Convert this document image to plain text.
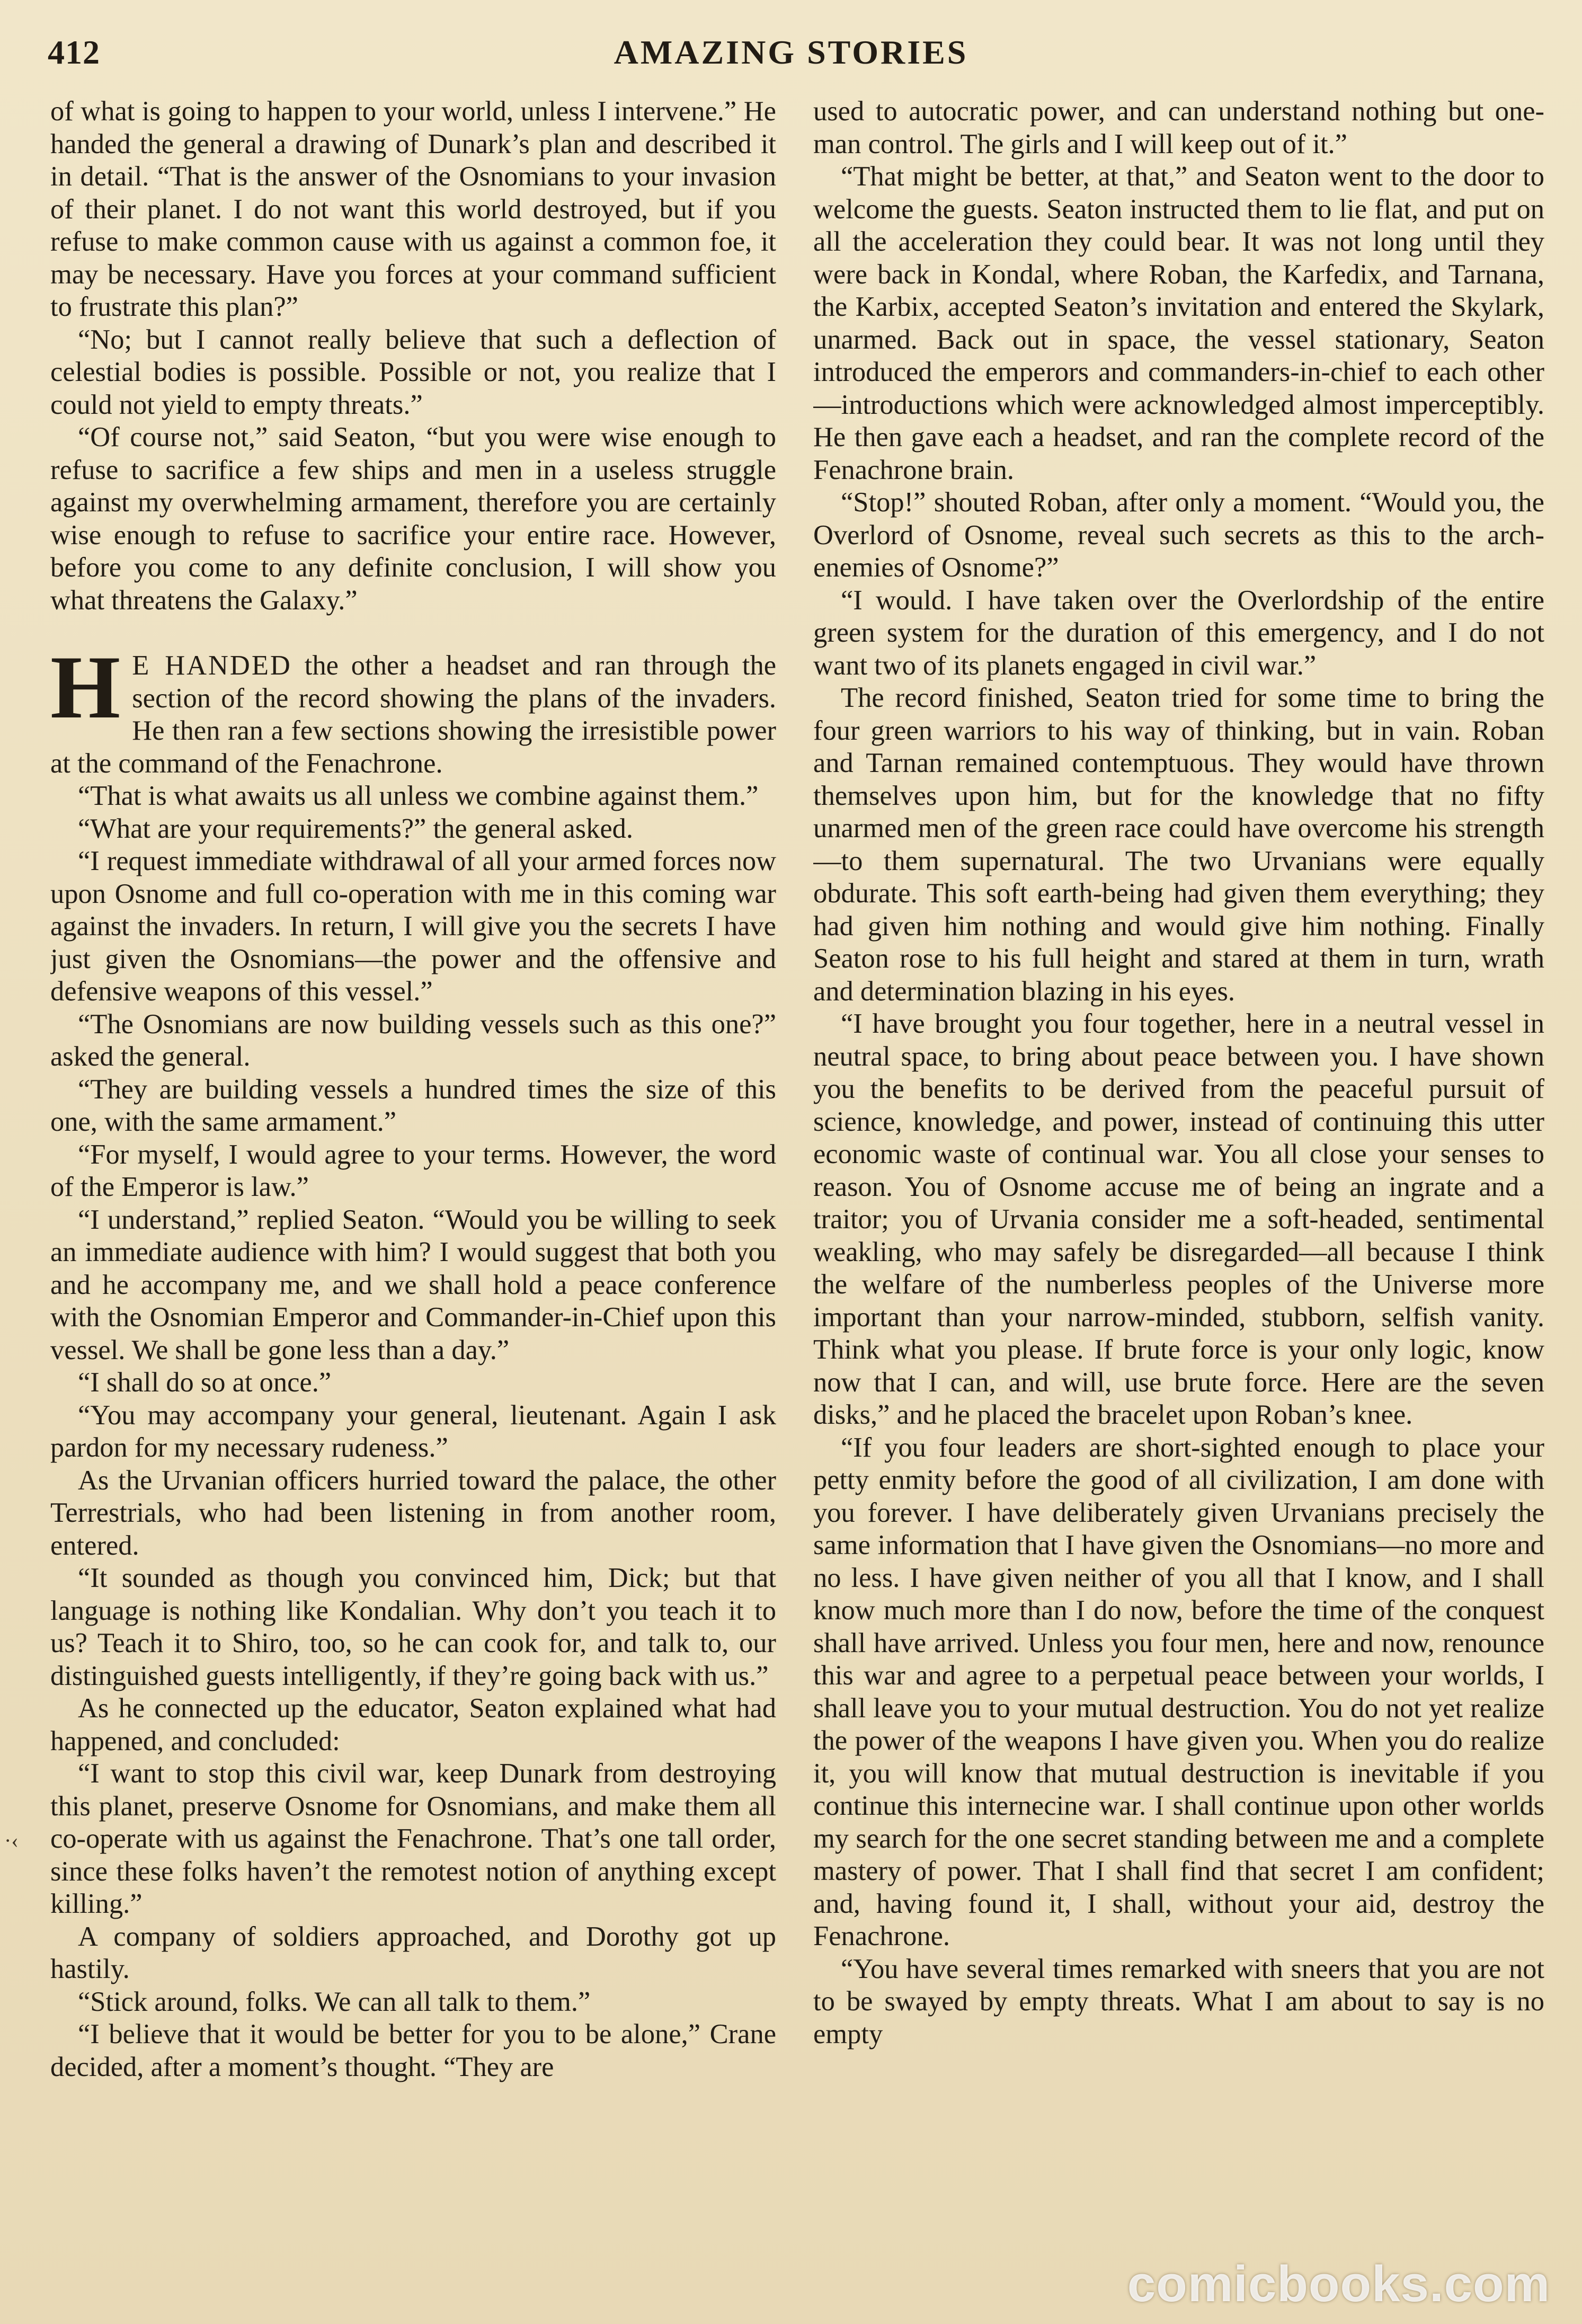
412	AMAZING STORIES
·‹

of what is going to happen to your world, unless I intervene.” He handed the general a drawing of Dunark’s plan and described it in detail. “That is the answer of the Osnomians to your invasion of their planet. I do not want this world destroyed, but if you refuse to make common cause with us against a common foe, it may be necessary. Have you forces at your command sufficient to frustrate this plan?”

“No; but I cannot really believe that such a deflection of celestial bodies is possible. Possible or not, you realize that I could not yield to empty threats.”

“Of course not,” said Seaton, “but you were wise enough to refuse to sacrifice a few ships and men in a useless struggle against my overwhelming armament, therefore you are certainly wise enough to refuse to sacrifice your entire race. However, before you come to any definite conclusion, I will show you what threatens the Galaxy.”

H E HANDED the other a headset and ran through the section of the record showing the plans of the invaders. He then ran a few sections showing the irresistible power at the command of the Fenachrone.

“That is what awaits us all unless we combine against them.”

“What are your requirements?” the general asked.

“I request immediate withdrawal of all your armed forces now upon Osnome and full co-operation with me in this coming war against the invaders. In return, I will give you the secrets I have just given the Osnomians—the power and the offensive and defensive weapons of this vessel.”

“The Osnomians are now building vessels such as this one?” asked the general.

“They are building vessels a hundred times the size of this one, with the same armament.”

“For myself, I would agree to your terms. However, the word of the Emperor is law.”

“I understand,” replied Seaton. “Would you be willing to seek an immediate audience with him? I would suggest that both you and he accompany me, and we shall hold a peace conference with the Osnomian Emperor and Commander-in-Chief upon this vessel. We shall be gone less than a day.”

“I shall do so at once.”

“You may accompany your general, lieutenant. Again I ask pardon for my necessary rudeness.”

As the Urvanian officers hurried toward the palace, the other Terrestrials, who had been listening in from another room, entered.

“It sounded as though you convinced him, Dick; but that language is nothing like Kondalian. Why don’t you teach it to us? Teach it to Shiro, too, so he can cook for, and talk to, our distinguished guests intelligently, if they’re going back with us.”

As he connected up the educator, Seaton explained what had happened, and concluded:

“I want to stop this civil war, keep Dunark from destroying this planet, preserve Osnome for Osnomians, and make them all co-operate with us against the Fenachrone. That’s one tall order, since these folks haven’t the remotest notion of anything except killing.”

A company of soldiers approached, and Dorothy got up hastily.

“Stick around, folks. We can all talk to them.”

“I believe that it would be better for you to be alone,” Crane decided, after a moment’s thought. “They are

used to autocratic power, and can understand nothing but one-man control. The girls and I will keep out of it.”

“That might be better, at that,” and Seaton went to the door to welcome the guests. Seaton instructed them to lie flat, and put on all the acceleration they could bear. It was not long until they were back in Kondal, where Roban, the Karfedix, and Tarnana, the Karbix, accepted Seaton’s invitation and entered the Skylark, unarmed. Back out in space, the vessel stationary, Seaton introduced the emperors and commanders-in-chief to each other—introductions which were acknowledged almost imperceptibly. He then gave each a headset, and ran the complete record of the Fenachrone brain.

“Stop!” shouted Roban, after only a moment. “Would you, the Overlord of Osnome, reveal such secrets as this to the arch-enemies of Osnome?”

“I would. I have taken over the Overlordship of the entire green system for the duration of this emergency, and I do not want two of its planets engaged in civil war.”

The record finished, Seaton tried for some time to bring the four green warriors to his way of thinking, but in vain. Roban and Tarnan remained contemptuous. They would have thrown themselves upon him, but for the knowledge that no fifty unarmed men of the green race could have overcome his strength—to them supernatural. The two Urvanians were equally obdurate. This soft earth-being had given them everything; they had given him nothing and would give him nothing. Finally Seaton rose to his full height and stared at them in turn, wrath and determination blazing in his eyes.

“I have brought you four together, here in a neutral vessel in neutral space, to bring about peace between you. I have shown you the benefits to be derived from the peaceful pursuit of science, knowledge, and power, instead of continuing this utter economic waste of continual war. You all close your senses to reason. You of Osnome accuse me of being an ingrate and a traitor; you of Urvania consider me a soft-headed, sentimental weakling, who may safely be disregarded—all because I think the welfare of the numberless peoples of the Universe more important than your narrow-minded, stubborn, selfish vanity. Think what you please. If brute force is your only logic, know now that I can, and will, use brute force. Here are the seven disks,” and he placed the bracelet upon Roban’s knee.

“If you four leaders are short-sighted enough to place your petty enmity before the good of all civilization, I am done with you forever. I have deliberately given Urvanians precisely the same information that I have given the Osnomians—no more and no less. I have given neither of you all that I know, and I shall know much more than I do now, before the time of the conquest shall have arrived. Unless you four men, here and now, renounce this war and agree to a perpetual peace between your worlds, I shall leave you to your mutual destruction. You do not yet realize the power of the weapons I have given you. When you do realize it, you will know that mutual destruction is inevitable if you continue this internecine war. I shall continue upon other worlds my search for the one secret standing between me and a complete mastery of power. That I shall find that secret I am confident; and, having found it, I shall, without your aid, destroy the Fenachrone.

“You have several times remarked with sneers that you are not to be swayed by empty threats. What I am about to say is no empty

comicbooks.com
